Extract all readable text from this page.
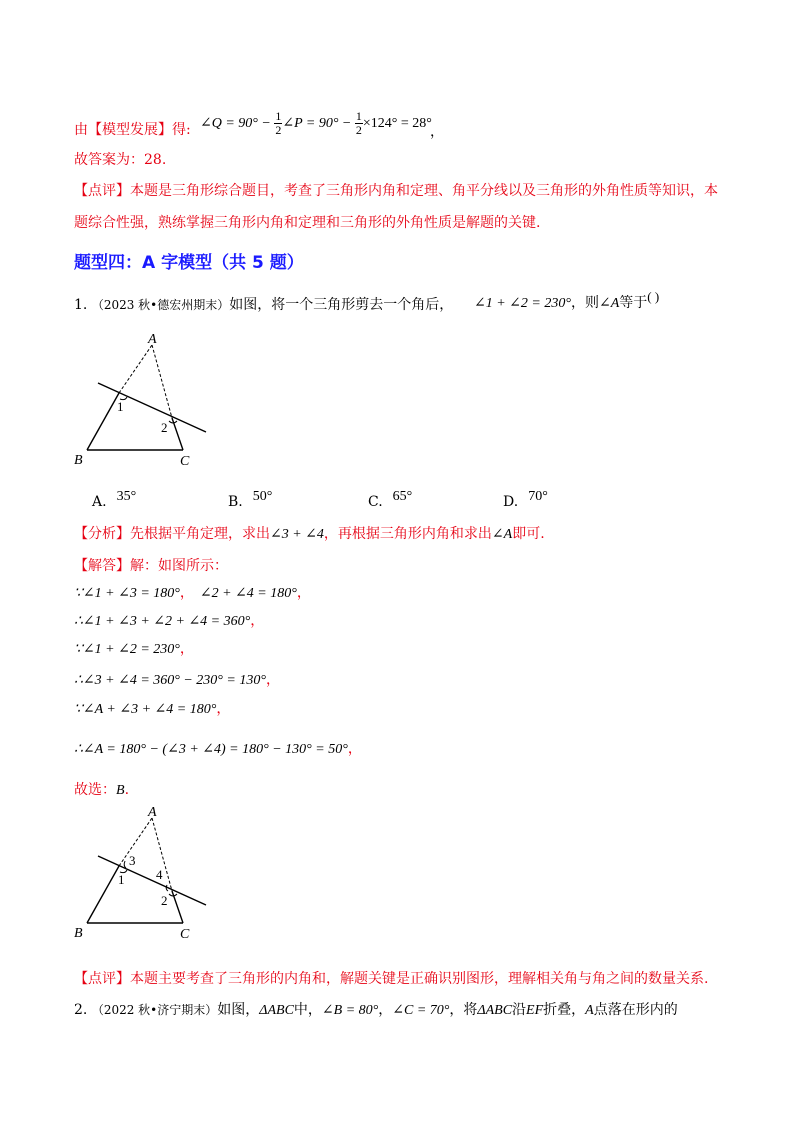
由【模型发展】得: ∠Q = $90^\circ - \frac{1}{2}$ ∠P = $90^\circ - \frac{1}{2} \times 124^\circ = 28^\circ$
，
故答案为：28.
【点评】本题是三角形综合题目，考查了三角形内角和定理、角平分线以及三角形的外角性质等知识，本
题综合性强，熟练掌握三角形内角和定理和三角形的外角性质是解题的关键.
题型四：A 字模型（共 5 题）
1. （2023 秋•德宏州期末）如图，将一个三角形剪去一个角后， ∠1 + ∠2 = 230°，则∠A等于( )
A
B	C
1
2
A. 35°	B. 50°	C. 65°	D. 70°
【分析】先根据平角定理，求出∠3 + ∠4，再根据三角形内角和求出∠A即可.
【解答】解：如图所示：
∵∠1 + ∠3 = 180°， ∠2 + ∠4 = 180°，
∴∠1 + ∠3 + ∠2 + ∠4 = 360°，
∵∠1 + ∠2 = 230°，
∴∠3 + ∠4 = 360° − 230° = 130°，
∵∠A + ∠3 + ∠4 = 180°，
∴∠A = 180° − (∠3 + ∠4) = 180° − 130° = 50°，
故选：B.
A
B	C
1
2
3
4
【点评】本题主要考查了三角形的内角和，解题关键是正确识别图形，理解相关角与角之间的数量关系.
2. （2022 秋•济宁期末）如图，ΔABC中，∠B = 80°，∠C = 70°，将ΔABC沿EF折叠，A点落在形内的
